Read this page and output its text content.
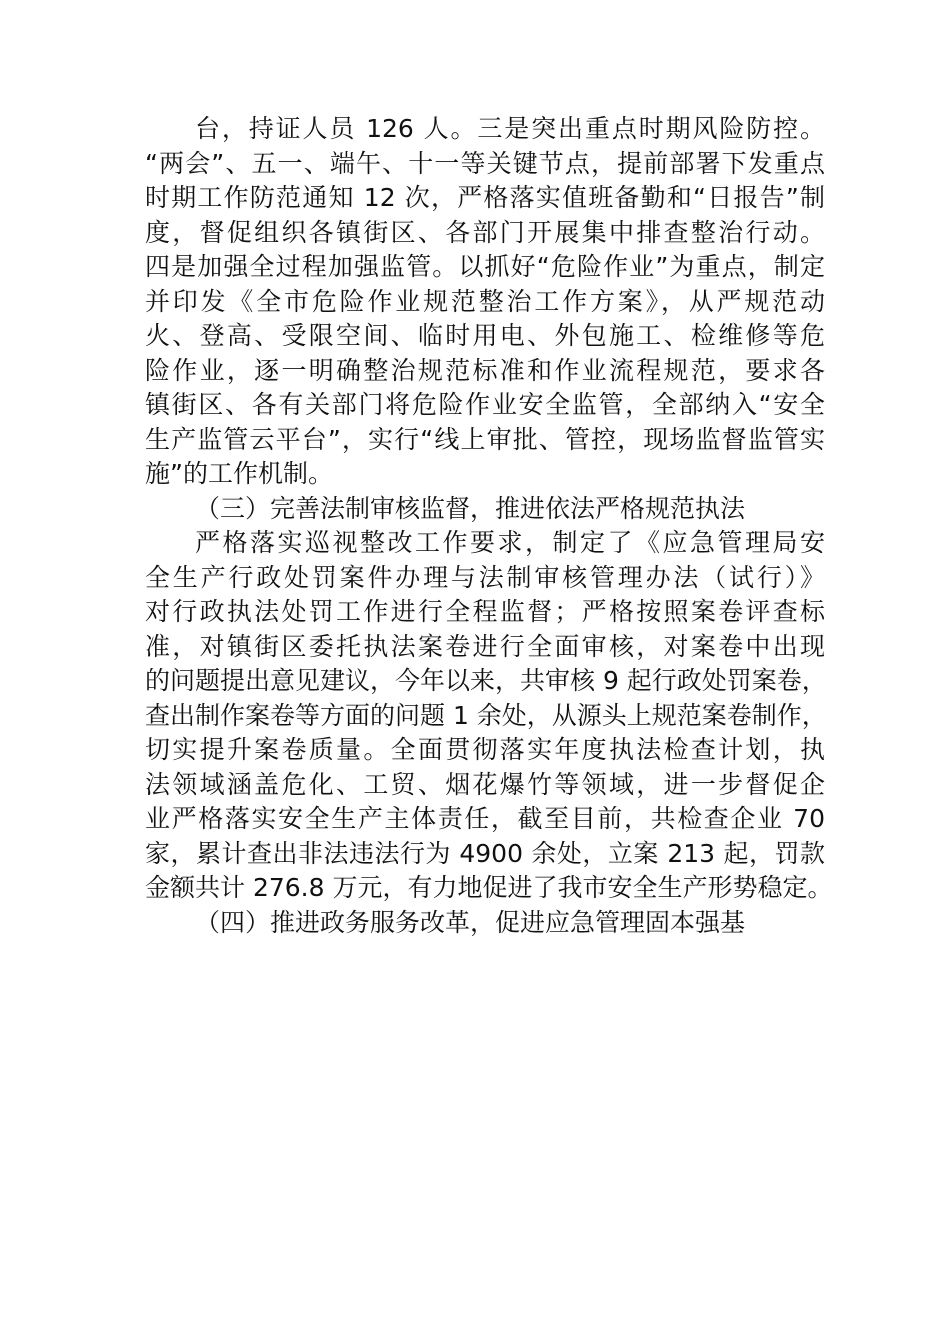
台，持证人员 126 人。三是突出重点时期风险防控。
“两会”、五一、端午、十一等关键节点，提前部署下发重点
时期工作防范通知 12 次，严格落实值班备勤和“日报告”制
度，督促组织各镇街区、各部门开展集中排查整治行动。
四是加强全过程加强监管。以抓好“危险作业”为重点，制定
并印发《全市危险作业规范整治工作方案》，从严规范动
火、登高、受限空间、临时用电、外包施工、检维修等危
险作业，逐一明确整治规范标准和作业流程规范，要求各
镇街区、各有关部门将危险作业安全监管，全部纳入“安全
生产监管云平台”，实行“线上审批、管控，现场监督监管实
施”的工作机制。
（三）完善法制审核监督，推进依法严格规范执法
严格落实巡视整改工作要求，制定了《应急管理局安
全生产行政处罚案件办理与法制审核管理办法（试行）》
对行政执法处罚工作进行全程监督；严格按照案卷评查标
准，对镇街区委托执法案卷进行全面审核，对案卷中出现
的问题提出意见建议，今年以来，共审核 9 起行政处罚案卷，
查出制作案卷等方面的问题 1 余处，从源头上规范案卷制作，
切实提升案卷质量。全面贯彻落实年度执法检查计划，执
法领域涵盖危化、工贸、烟花爆竹等领域，进一步督促企
业严格落实安全生产主体责任，截至目前，共检查企业 70
家，累计查出非法违法行为 4900 余处，立案 213 起，罚款
金额共计 276.8 万元，有力地促进了我市安全生产形势稳定。
（四）推进政务服务改革，促进应急管理固本强基
